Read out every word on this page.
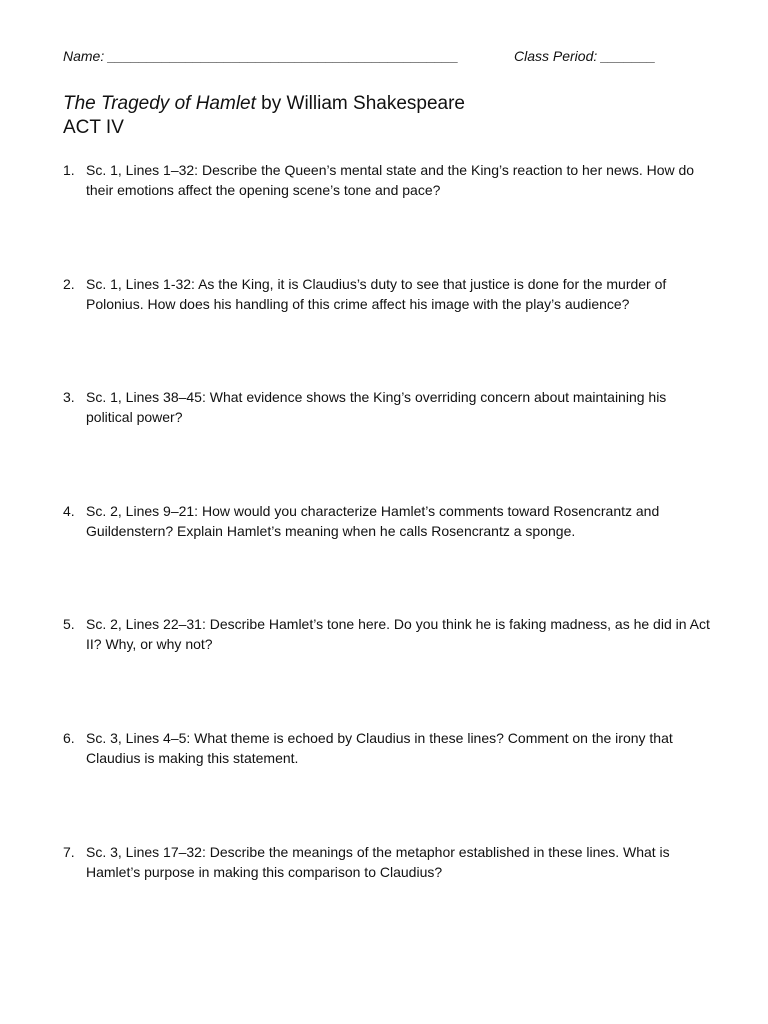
Name: _____________________________________________	Class Period: _______
The Tragedy of Hamlet by William Shakespeare
ACT IV
1. Sc. 1, Lines 1–32: Describe the Queen’s mental state and the King’s reaction to her news. How do their emotions affect the opening scene’s tone and pace?
2. Sc. 1, Lines 1-32: As the King, it is Claudius’s duty to see that justice is done for the murder of Polonius. How does his handling of this crime affect his image with the play’s audience?
3. Sc. 1, Lines 38–45: What evidence shows the King’s overriding concern about maintaining his political power?
4. Sc. 2, Lines 9–21: How would you characterize Hamlet’s comments toward Rosencrantz and Guildenstern? Explain Hamlet’s meaning when he calls Rosencrantz a sponge.
5. Sc. 2, Lines 22–31: Describe Hamlet’s tone here. Do you think he is faking madness, as he did in Act II? Why, or why not?
6. Sc. 3, Lines 4–5: What theme is echoed by Claudius in these lines? Comment on the irony that Claudius is making this statement.
7. Sc. 3, Lines 17–32: Describe the meanings of the metaphor established in these lines. What is Hamlet’s purpose in making this comparison to Claudius?
